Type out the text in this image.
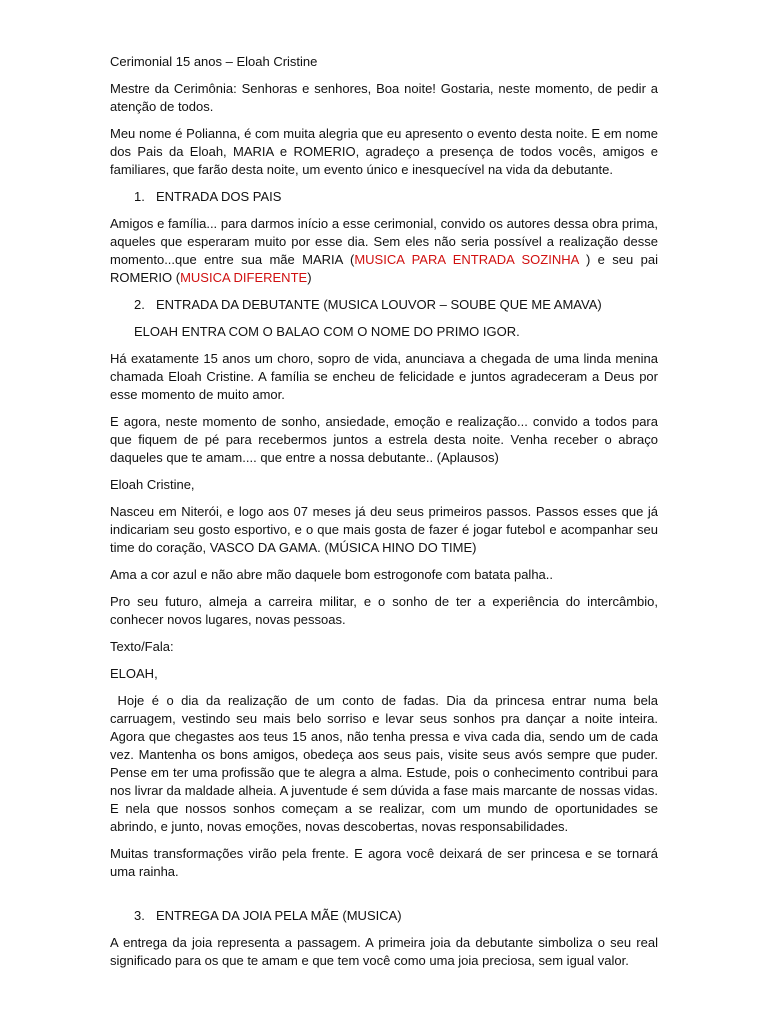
Cerimonial 15 anos – Eloah Cristine

Mestre da Cerimônia: Senhoras e senhores, Boa noite! Gostaria, neste momento, de pedir a atenção de todos.

Meu nome é Polianna, é com muita alegria que eu apresento o evento desta noite. E em nome dos Pais da Eloah, MARIA e ROMERIO, agradeço a presença de todos vocês, amigos e familiares, que farão desta noite, um evento único e inesquecível na vida da debutante.

1. ENTRADA DOS PAIS

Amigos e família... para darmos início a esse cerimonial, convido os autores dessa obra prima, aqueles que esperaram muito por esse dia. Sem eles não seria possível a realização desse momento...que entre sua mãe MARIA (MUSICA PARA ENTRADA SOZINHA ) e seu pai ROMERIO (MUSICA DIFERENTE)

2. ENTRADA DA DEBUTANTE (MUSICA LOUVOR – SOUBE QUE ME AMAVA)

ELOAH ENTRA COM O BALAO COM O NOME DO PRIMO IGOR.

Há exatamente 15 anos um choro, sopro de vida, anunciava a chegada de uma linda menina chamada Eloah Cristine. A família se encheu de felicidade e juntos agradeceram a Deus por esse momento de muito amor.

E agora, neste momento de sonho, ansiedade, emoção e realização... convido a todos para que fiquem de pé para recebermos juntos a estrela desta noite. Venha receber o abraço daqueles que te amam.... que entre a nossa debutante.. (Aplausos)

Eloah Cristine,

Nasceu em Niterói, e logo aos 07 meses já deu seus primeiros passos. Passos esses que já indicariam seu gosto esportivo, e o que mais gosta de fazer é jogar futebol e acompanhar seu time do coração, VASCO DA GAMA. (MÚSICA HINO DO TIME)

Ama a cor azul e não abre mão daquele bom estrogonofe com batata palha..

Pro seu futuro, almeja a carreira militar, e o sonho de ter a experiência do intercâmbio, conhecer novos lugares, novas pessoas.

Texto/Fala:

ELOAH,

Hoje é o dia da realização de um conto de fadas. Dia da princesa entrar numa bela carruagem, vestindo seu mais belo sorriso e levar seus sonhos pra dançar a noite inteira. Agora que chegastes aos teus 15 anos, não tenha pressa e viva cada dia, sendo um de cada vez. Mantenha os bons amigos, obedeça aos seus pais, visite seus avós sempre que puder. Pense em ter uma profissão que te alegra a alma. Estude, pois o conhecimento contribui para nos livrar da maldade alheia. A juventude é sem dúvida a fase mais marcante de nossas vidas. E nela que nossos sonhos começam a se realizar, com um mundo de oportunidades se abrindo, e junto, novas emoções, novas descobertas, novas responsabilidades.

Muitas transformações virão pela frente. E agora você deixará de ser princesa e se tornará uma rainha.

3. ENTREGA DA JOIA PELA MÃE (MUSICA)

A entrega da joia representa a passagem. A primeira joia da debutante simboliza o seu real significado para os que te amam e que tem você como uma joia preciosa, sem igual valor.
